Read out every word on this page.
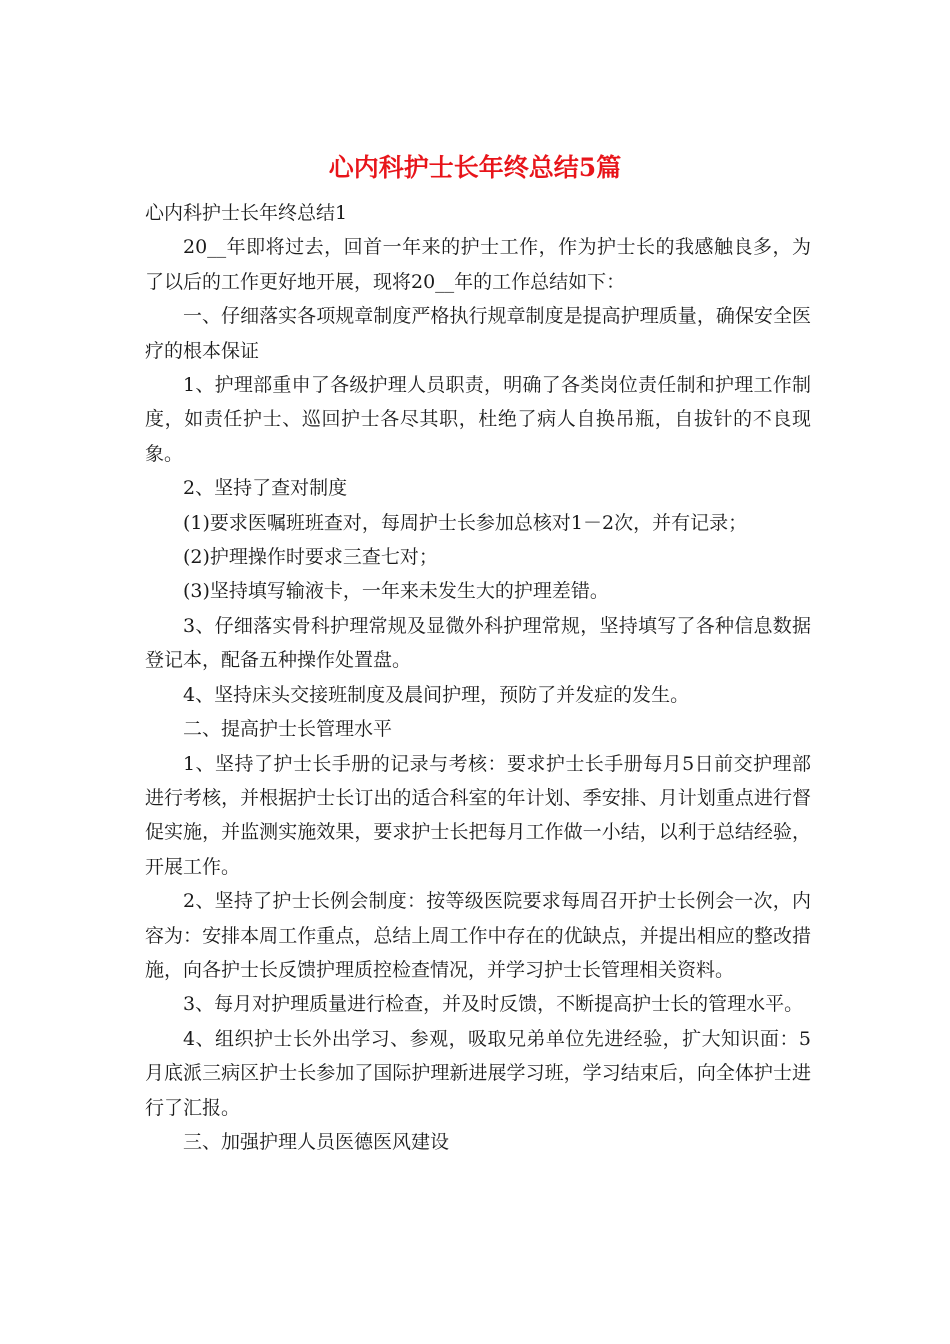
心内科护士长年终总结5篇

心内科护士长年终总结1

20__年即将过去，回首一年来的护士工作，作为护士长的我感触良多，为了以后的工作更好地开展，现将20__年的工作总结如下：

一、仔细落实各项规章制度严格执行规章制度是提高护理质量，确保安全医疗的根本保证

1、护理部重申了各级护理人员职责，明确了各类岗位责任制和护理工作制度，如责任护士、巡回护士各尽其职，杜绝了病人自换吊瓶，自拔针的不良现象。

2、坚持了查对制度

(1)要求医嘱班班查对，每周护士长参加总核对1－2次，并有记录；

(2)护理操作时要求三查七对；

(3)坚持填写输液卡，一年来未发生大的护理差错。

3、仔细落实骨科护理常规及显微外科护理常规，坚持填写了各种信息数据登记本，配备五种操作处置盘。

4、坚持床头交接班制度及晨间护理，预防了并发症的发生。

二、提高护士长管理水平

1、坚持了护士长手册的记录与考核：要求护士长手册每月5日前交护理部进行考核，并根据护士长订出的适合科室的年计划、季安排、月计划重点进行督促实施，并监测实施效果，要求护士长把每月工作做一小结，以利于总结经验，开展工作。

2、坚持了护士长例会制度：按等级医院要求每周召开护士长例会一次，内容为：安排本周工作重点，总结上周工作中存在的优缺点，并提出相应的整改措施，向各护士长反馈护理质控检查情况，并学习护士长管理相关资料。

3、每月对护理质量进行检查，并及时反馈，不断提高护士长的管理水平。

4、组织护士长外出学习、参观，吸取兄弟单位先进经验，扩大知识面：5月底派三病区护士长参加了国际护理新进展学习班，学习结束后，向全体护士进行了汇报。

三、加强护理人员医德医风建设
